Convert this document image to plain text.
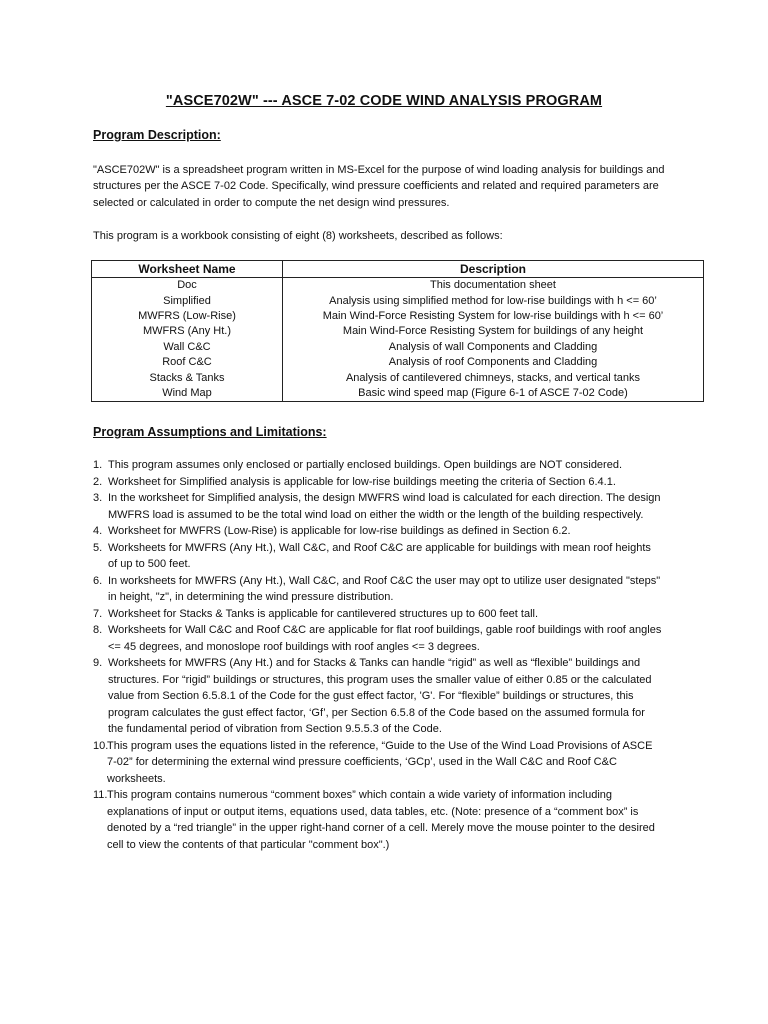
"ASCE702W" --- ASCE 7-02 CODE WIND ANALYSIS PROGRAM
Program Description:

"ASCE702W" is a spreadsheet program written in MS-Excel for the purpose of wind loading analysis for buildings and structures per the ASCE 7-02 Code. Specifically, wind pressure coefficients and related and required parameters are selected or calculated in order to compute the net design wind pressures.

This program is a workbook consisting of eight (8) worksheets, described as follows:

Worksheet Name	Description
Doc	This documentation sheet
Simplified	Analysis using simplified method for low-rise buildings with h <= 60’
MWFRS (Low-Rise)	Main Wind-Force Resisting System for low-rise buildings with h <= 60’
MWFRS (Any Ht.)	Main Wind-Force Resisting System for buildings of any height
Wall C&C	Analysis of wall Components and Cladding
Roof C&C	Analysis of roof Components and Cladding
Stacks & Tanks	Analysis of cantilevered chimneys, stacks, and vertical tanks
Wind Map	Basic wind speed map (Figure 6-1 of ASCE 7-02 Code)
Program Assumptions and Limitations:
1. This program assumes only enclosed or partially enclosed buildings. Open buildings are NOT considered.
2. Worksheet for Simplified analysis is applicable for low-rise buildings meeting the criteria of Section 6.4.1.
3. In the worksheet for Simplified analysis, the design MWFRS wind load is calculated for each direction. The design MWFRS load is assumed to be the total wind load on either the width or the length of the building respectively.
4. Worksheet for MWFRS (Low-Rise) is applicable for low-rise buildings as defined in Section 6.2.
5. Worksheets for MWFRS (Any Ht.), Wall C&C, and Roof C&C are applicable for buildings with mean roof heights of up to 500 feet.
6. In worksheets for MWFRS (Any Ht.), Wall C&C, and Roof C&C the user may opt to utilize user designated "steps" in height, "z", in determining the wind pressure distribution.
7. Worksheet for Stacks & Tanks is applicable for cantilevered structures up to 600 feet tall.
8. Worksheets for Wall C&C and Roof C&C are applicable for flat roof buildings, gable roof buildings with roof angles <= 45 degrees, and monoslope roof buildings with roof angles <= 3 degrees.
9. Worksheets for MWFRS (Any Ht.) and for Stacks & Tanks can handle “rigid” as well as “flexible” buildings and structures. For “rigid” buildings or structures, this program uses the smaller value of either 0.85 or the calculated value from Section 6.5.8.1 of the Code for the gust effect factor, 'G'. For “flexible” buildings or structures, this program calculates the gust effect factor, ‘Gf’, per Section 6.5.8 of the Code based on the assumed formula for the fundamental period of vibration from Section 9.5.5.3 of the Code.
10.
This program uses the equations listed in the reference, “Guide to the Use of the Wind Load Provisions of ASCE 7-02” for determining the external wind pressure coefficients, ‘GCp’, used in the Wall C&C and Roof C&C worksheets.
11. This program contains numerous “comment boxes” which contain a wide variety of information including explanations of input or output items, equations used, data tables, etc. (Note: presence of a “comment box” is denoted by a “red triangle” in the upper right-hand corner of a cell. Merely move the mouse pointer to the desired cell to view the contents of that particular "comment box".)
